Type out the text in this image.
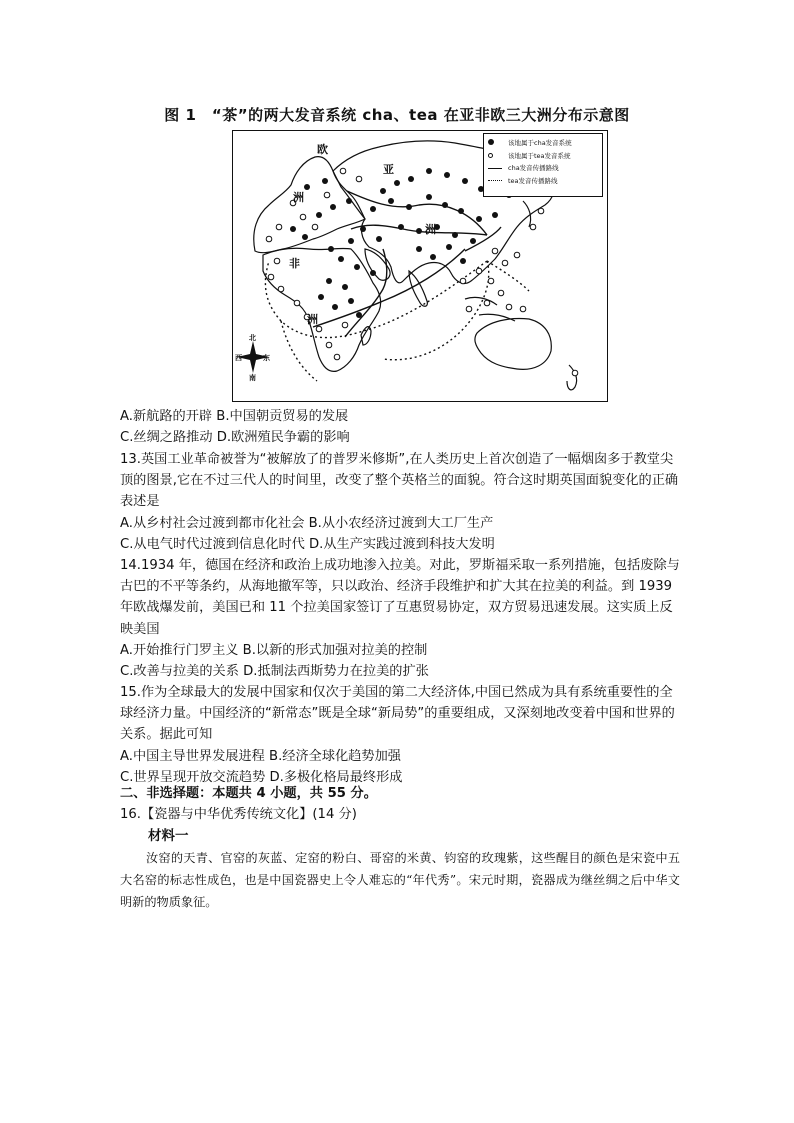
图 1　“茶”的两大发音系统 cha、tea 在亚非欧三大洲分布示意图
该地属于cha发音系统
该地属于tea发音系统
cha发音传播路线
tea发音传播路线
欧
洲
亚
洲
非
洲
北
西	东
南

A.新航路的开辟 B.中国朝贡贸易的发展

C.丝绸之路推动 D.欧洲殖民争霸的影响

13.英国工业革命被誉为“被解放了的普罗米修斯”,在人类历史上首次创造了一幅烟囱多于教堂尖顶的图景,它在不过三代人的时间里，改变了整个英格兰的面貌。符合这时期英国面貌变化的正确表述是

A.从乡村社会过渡到都市化社会 B.从小农经济过渡到大工厂生产

C.从电气时代过渡到信息化时代 D.从生产实践过渡到科技大发明

14.1934 年，德国在经济和政治上成功地渗入拉美。对此，罗斯福采取一系列措施，包括废除与古巴的不平等条约，从海地撤军等，只以政治、经济手段维护和扩大其在拉美的利益。到 1939 年欧战爆发前，美国已和 11 个拉美国家签订了互惠贸易协定，双方贸易迅速发展。这实质上反映美国

A.开始推行门罗主义 B.以新的形式加强对拉美的控制

C.改善与拉美的关系 D.抵制法西斯势力在拉美的扩张

15.作为全球最大的发展中国家和仅次于美国的第二大经济体,中国已然成为具有系统重要性的全球经济力量。中国经济的“新常态”既是全球“新局势”的重要组成，又深刻地改变着中国和世界的关系。据此可知

A.中国主导世界发展进程 B.经济全球化趋势加强

C.世界呈现开放交流趋势 D.多极化格局最终形成

二、非选择题：本题共 4 小题，共 55 分。
16.【瓷器与中华优秀传统文化】(14 分)
材料一
汝窑的天青、官窑的灰蓝、定窑的粉白、哥窑的米黄、钧窑的玫瑰紫，这些醒目的颜色是宋瓷中五大名窑的标志性成色，也是中国瓷器史上令人难忘的“年代秀”。宋元时期，瓷器成为继丝绸之后中华文明新的物质象征。
